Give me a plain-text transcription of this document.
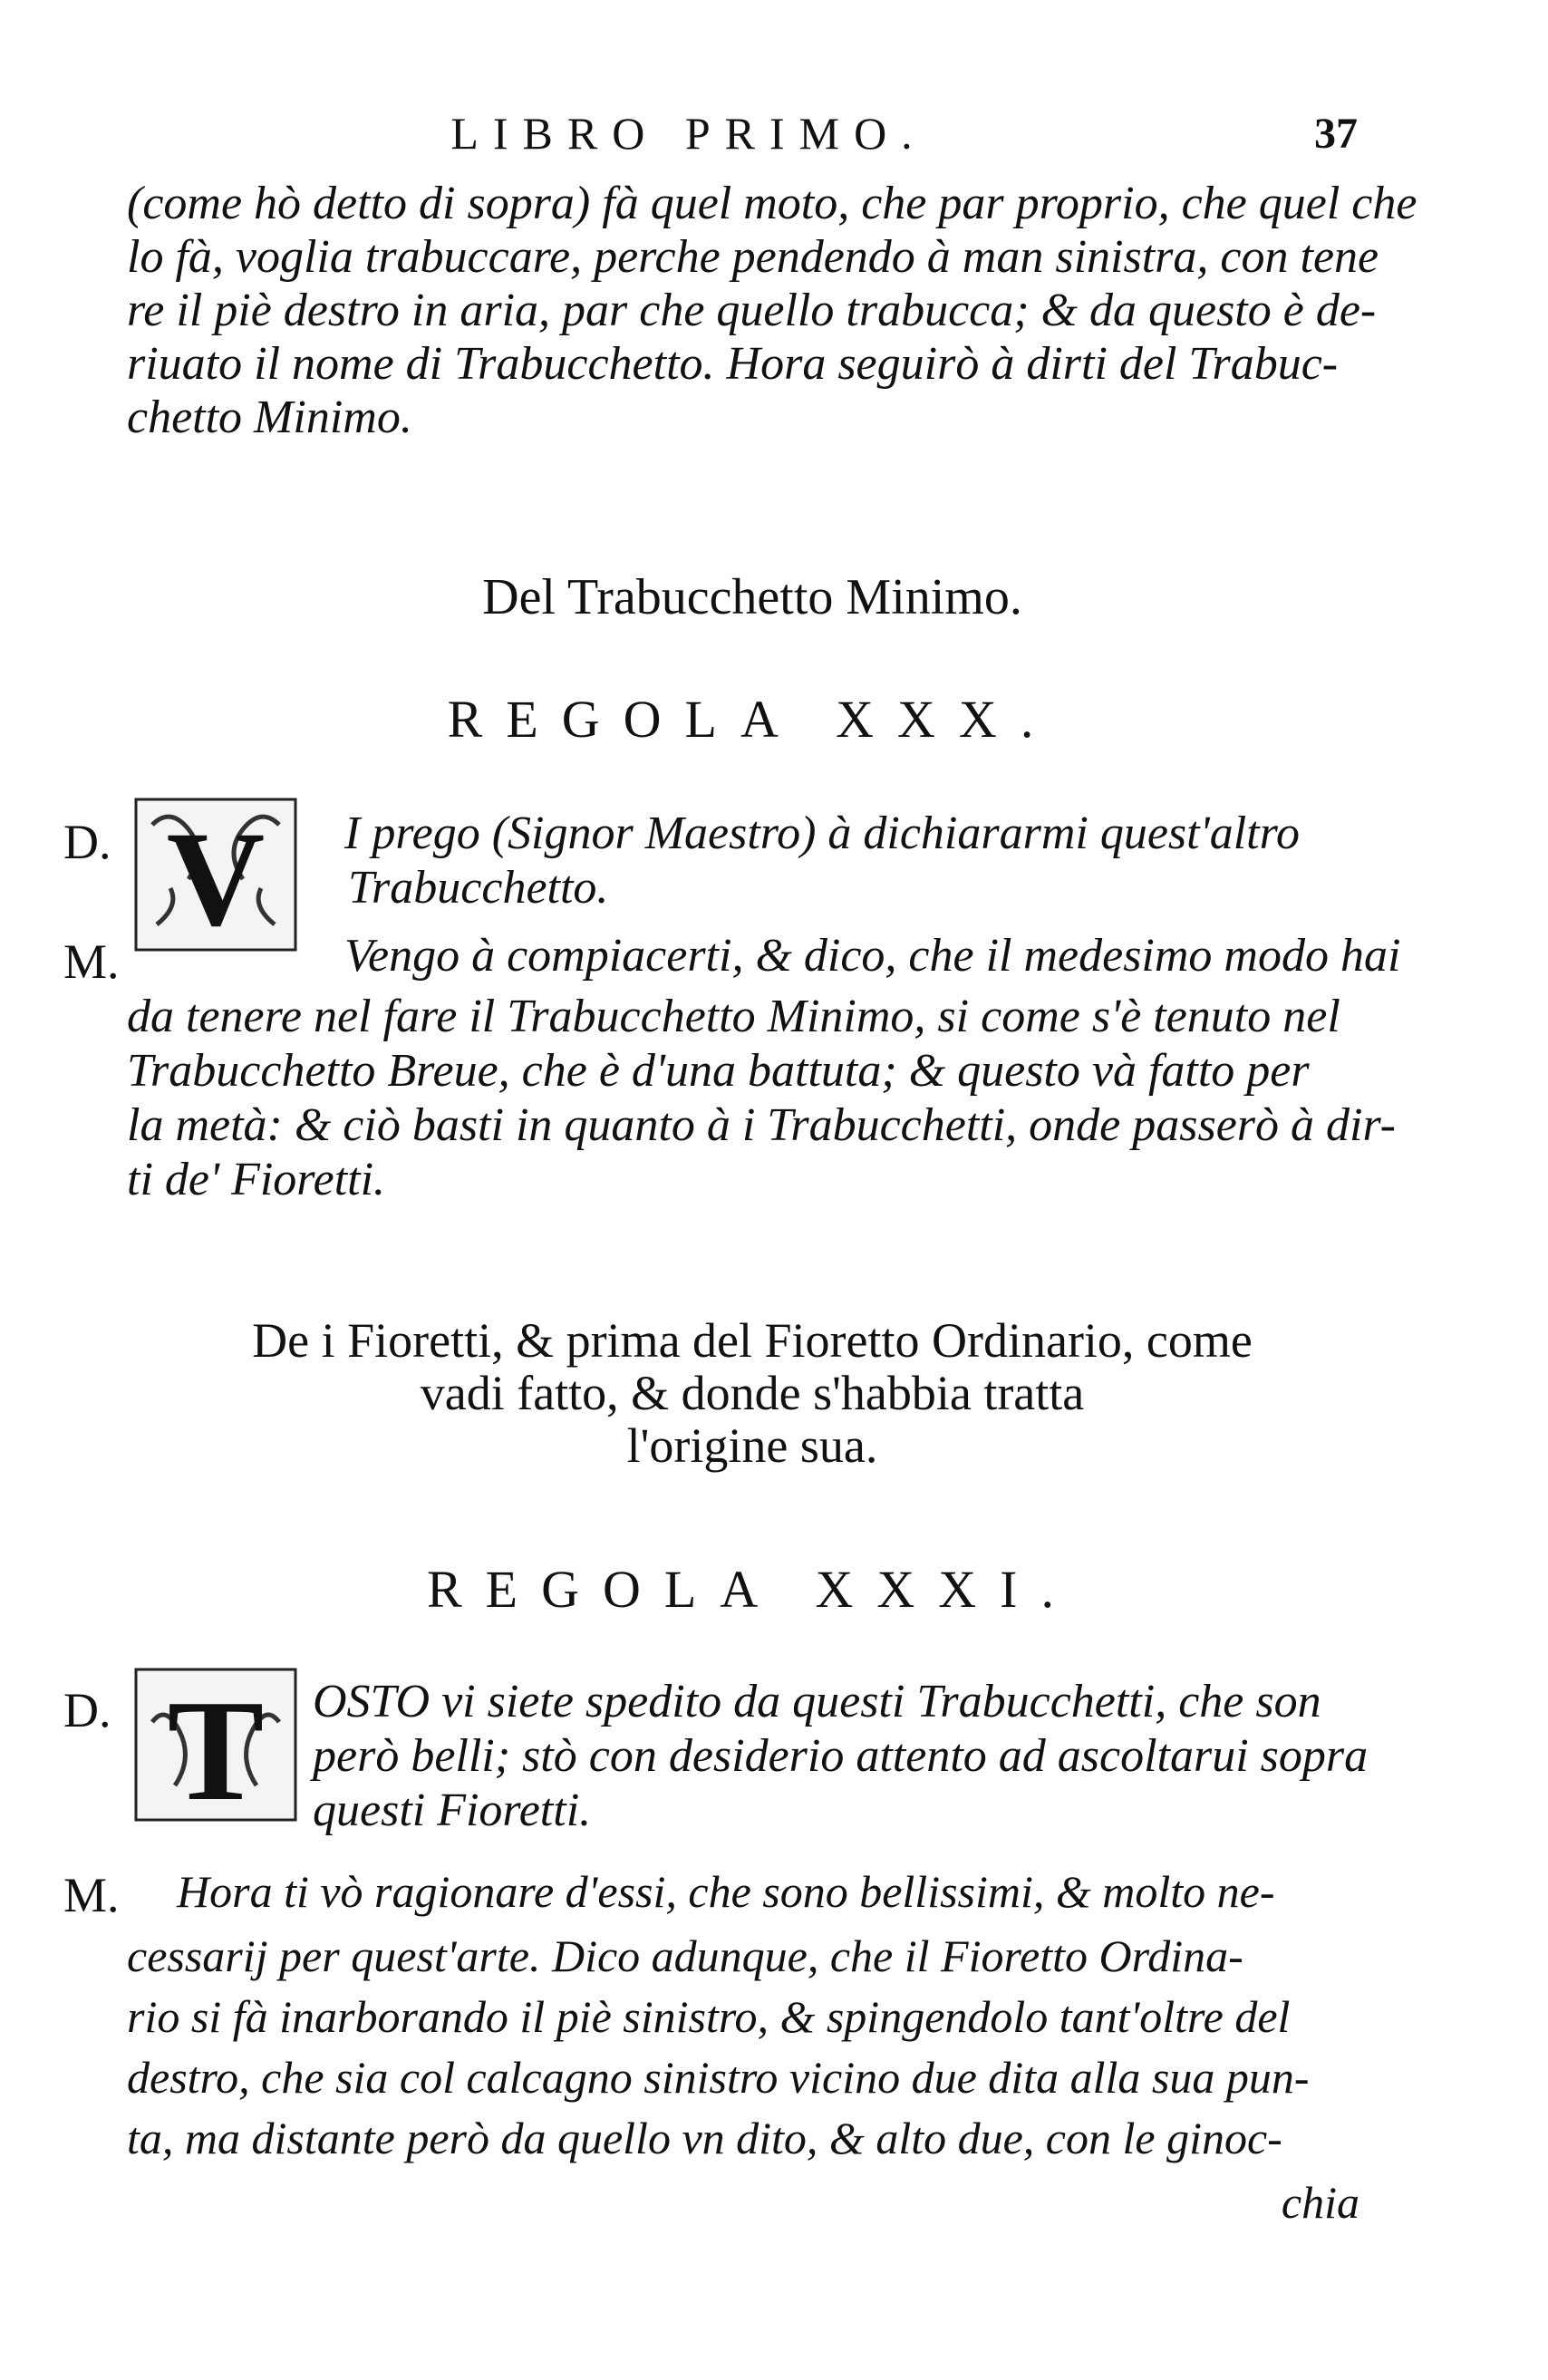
LIBRO PRIMO.	37
(come hò detto di sopra) fà quel moto, che par proprio, che quel che
lo fà, voglia trabuccare, perche pendendo à man sinistra, con tene
re il piè destro in aria, par che quello trabucca; & da questo è de-
riuato il nome di Trabucchetto. Hora seguirò à dirti del Trabuc-
chetto Minimo.
Del Trabucchetto Minimo.
REGOLA XXX.
D. V I prego (Signor Maestro) à dichiararmi quest'altro
Trabucchetto.
M.	Vengo à compiacerti, & dico, che il medesimo modo hai
da tenere nel fare il Trabucchetto Minimo, si come s'è tenuto nel
Trabucchetto Breue, che è d'una battuta; & questo và fatto per
la metà: & ciò basti in quanto à i Trabucchetti, onde passerò à dir-
ti de' Fioretti.
De i Fioretti, & prima del Fioretto Ordinario, come
vadi fatto, & donde s'habbia tratta
l'origine sua.
REGOLA XXXI.
D. T OSTO vi siete spedito da questi Trabucchetti, che son
però belli; stò con desiderio attento ad ascoltarui sopra
questi Fioretti.
M. Hora ti vò ragionare d'essi, che sono bellissimi, & molto ne-
cessarij per quest'arte. Dico adunque, che il Fioretto Ordina-
rio si fà inarborando il piè sinistro, & spingendolo tant'oltre del
destro, che sia col calcagno sinistro vicino due dita alla sua pun-
ta, ma distante però da quello vn dito, & alto due, con le ginoc-
chia
